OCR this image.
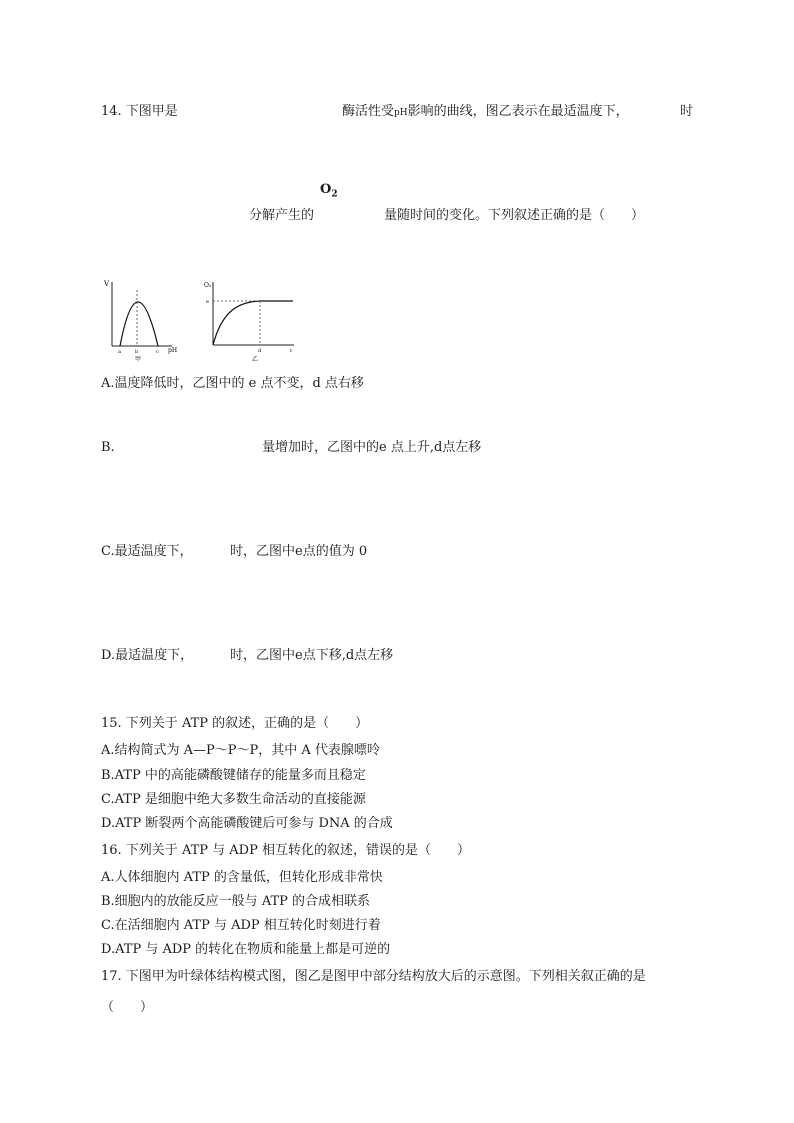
14. 下图甲是	酶活性受pH影响的曲线，图乙表示在最适温度下，	时
$O_2$
分解产生的	量随时间的变化。下列叙述正确的是（　　）
V
pH
a	b	c
甲
O₂
e
d	t
乙
A.温度降低时，乙图中的 e 点不变，d 点右移
B.	量增加时，乙图中的e 点上升,d点左移
C.最适温度下，	时，乙图中e点的值为 0
D.最适温度下，	时，乙图中e点下移,d点左移
15. 下列关于 ATP 的叙述，正确的是（　　）
A.结构简式为 A—P～P～P，其中 A 代表腺嘌呤
B.ATP 中的高能磷酸键储存的能量多而且稳定
C.ATP 是细胞中绝大多数生命活动的直接能源
D.ATP 断裂两个高能磷酸键后可参与 DNA 的合成
16. 下列关于 ATP 与 ADP 相互转化的叙述，错误的是（　　）
A.人体细胞内 ATP 的含量低，但转化形成非常快
B.细胞内的放能反应一般与 ATP 的合成相联系
C.在活细胞内 ATP 与 ADP 相互转化时刻进行着
D.ATP 与 ADP 的转化在物质和能量上都是可逆的
17. 下图甲为叶绿体结构模式图，图乙是图甲中部分结构放大后的示意图。下列相关叙正确的是
（　　）
